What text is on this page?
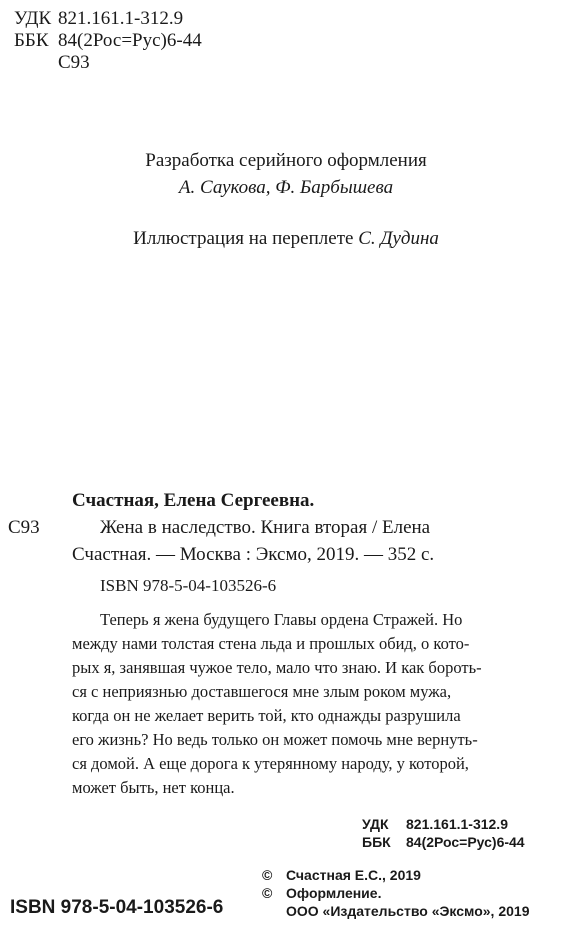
УДК 821.161.1-312.9
ББК 84(2Рос=Рус)6-44
С93
Разработка серийного оформления
А. Саукова, Ф. Барбышева
Иллюстрация на переплете С. Дудина
Счастная, Елена Сергеевна.
С93	Жена в наследство. Книга вторая / Елена
Счастная. — Москва : Эксмо, 2019. — 352 с.
ISBN 978-5-04-103526-6
Теперь я жена будущего Главы ордена Стражей. Но
между нами толстая стена льда и прошлых обид, о кото-
рых я, занявшая чужое тело, мало что знаю. И как бороть-
ся с неприязнью доставшегося мне злым роком мужа,
когда он не желает верить той, кто однажды разрушила
его жизнь? Но ведь только он может помочь мне вернуть-
ся домой. А еще дорога к утерянному народу, у которой,
может быть, нет конца.
УДК 821.161.1-312.9
ББК 84(2Рос=Рус)6-44
© Счастная Е.С., 2019
© Оформление.
ООО «Издательство «Эксмо», 2019
ISBN 978-5-04-103526-6
